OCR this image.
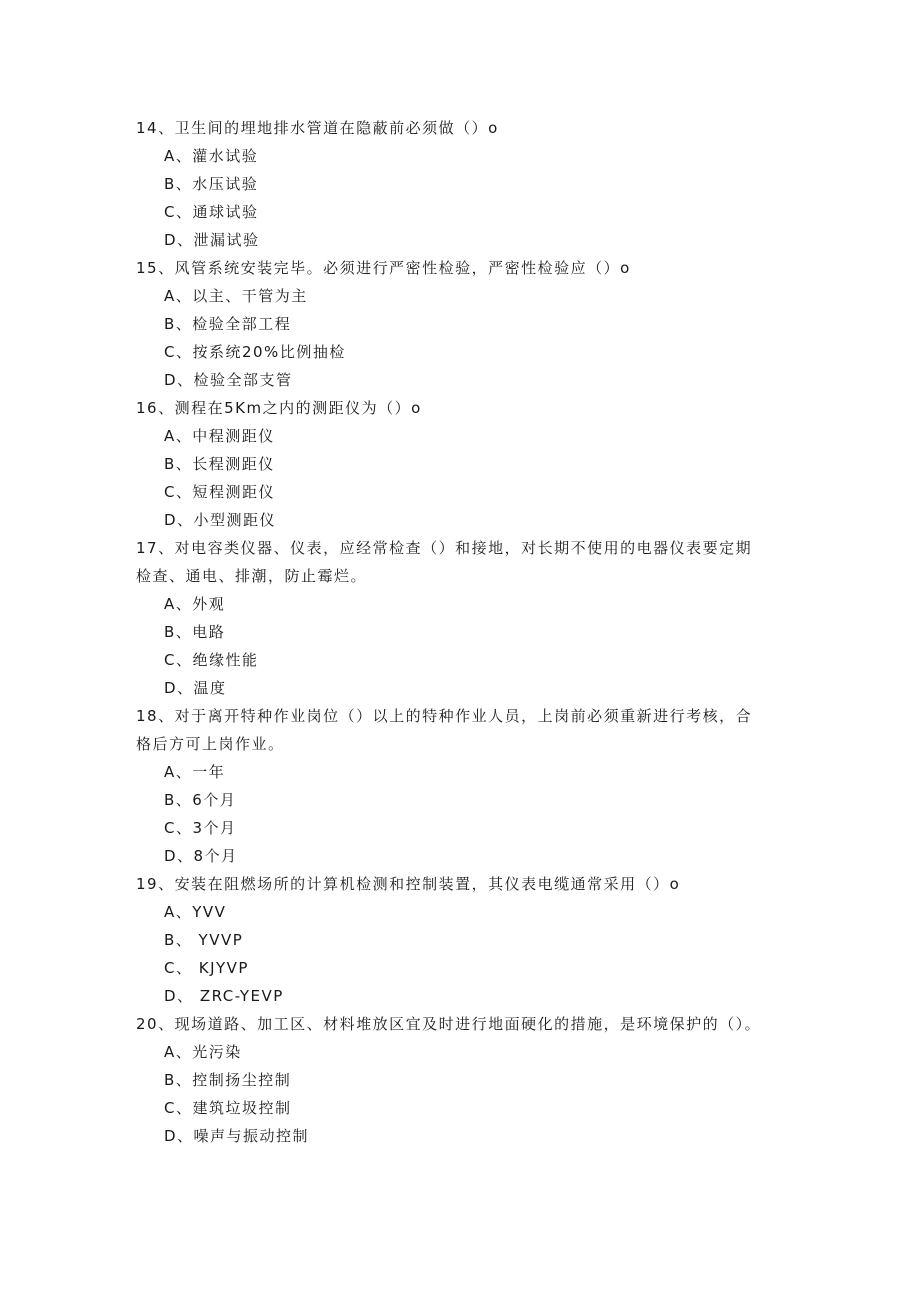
14、卫生间的埋地排水管道在隐蔽前必须做（）o
A、灌水试验
B、水压试验
C、通球试验
D、泄漏试验
15、风管系统安装完毕。必须进行严密性检验，严密性检验应（）o
A、以主、干管为主
B、检验全部工程
C、按系统20%比例抽检
D、检验全部支管
16、测程在5Km之内的测距仪为（）o
A、中程测距仪
B、长程测距仪
C、短程测距仪
D、小型测距仪
17、对电容类仪器、仪表，应经常检查（）和接地，对长期不使用的电器仪表要定期检查、通电、排潮，防止霉烂。
A、外观
B、电路
C、绝缘性能
D、温度
18、对于离开特种作业岗位（）以上的特种作业人员，上岗前必须重新进行考核，合格后方可上岗作业。
A、一年
B、6个月
C、3个月
D、8个月
19、安装在阻燃场所的计算机检测和控制装置，其仪表电缆通常采用（）o
A、YVV
B、 YVVP
C、 KJYVP
D、 ZRC-YEVP
20、现场道路、加工区、材料堆放区宜及时进行地面硬化的措施，是环境保护的（）。
A、光污染
B、控制扬尘控制
C、建筑垃圾控制
D、噪声与振动控制
